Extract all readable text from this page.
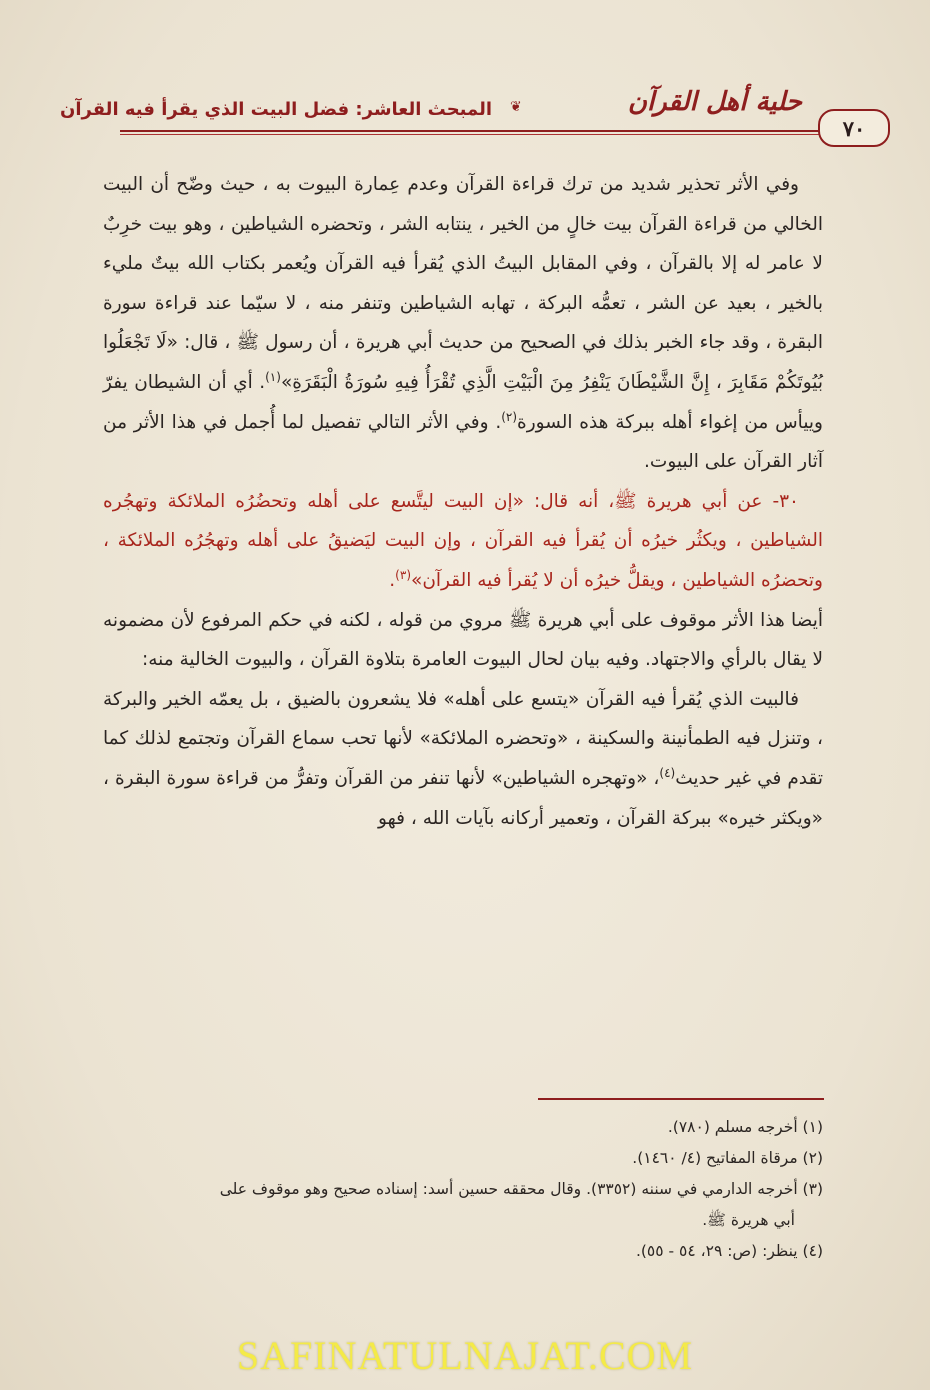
٧٠
حلية أهل القرآن
❦
المبحث العاشر: فضل البيت الذي يقرأ فيه القرآن

وفي الأثر تحذير شديد من ترك قراءة القرآن وعدم عِمارة البيوت به ، حيث وضّح أن البيت الخالي من قراءة القرآن بيت خالٍ من الخير ، ينتابه الشر ، وتحضره الشياطين ، وهو بيت خرِبٌ لا عامر له إلا بالقرآن ، وفي المقابل البيتُ الذي يُقرأ فيه القرآن ويُعمر بكتاب الله بيتٌ مليء بالخير ، بعيد عن الشر ، تعمُّه البركة ، تهابه الشياطين وتنفر منه ، لا سيّما عند قراءة سورة البقرة ، وقد جاء الخبر بذلك في الصحيح من حديث أبي هريرة ، أن رسول ﷺ ، قال: «لَا تَجْعَلُوا بُيُوتَكُمْ مَقَابِرَ ، إِنَّ الشَّيْطَانَ يَنْفِرُ مِنَ الْبَيْتِ الَّذِي تُقْرَأُ فِيهِ سُورَةُ الْبَقَرَةِ»$^{(١)}$. أي أن الشيطان يفرّ وييأس من إغواء أهله ببركة هذه السورة$^{(٢)}$. وفي الأثر التالي تفصيل لما أُجمل في هذا الأثر من آثار القرآن على البيوت.

٣٠- عن أبي هريرة ﷺ، أنه قال: «إن البيت ليتَّسع على أهله وتحضُرُه الملائكة وتهجُره الشياطين ، ويكثُر خيرُه أن يُقرأ فيه القرآن ، وإن البيت ليَضيقُ على أهله وتهجُرُه الملائكة ، وتحضرُه الشياطين ، ويقلُّ خيرُه أن لا يُقرأ فيه القرآن»$^{(٣)}$.

أيضا هذا الأثر موقوف على أبي هريرة ﷺ مروي من قوله ، لكنه في حكم المرفوع لأن مضمونه لا يقال بالرأي والاجتهاد. وفيه بيان لحال البيوت العامرة بتلاوة القرآن ، والبيوت الخالية منه:

فالبيت الذي يُقرأ فيه القرآن «يتسع على أهله» فلا يشعرون بالضيق ، بل يعمّه الخير والبركة ، وتنزل فيه الطمأنينة والسكينة ، «وتحضره الملائكة» لأنها تحب سماع القرآن وتجتمع لذلك كما تقدم في غير حديث$^{(٤)}$، «وتهجره الشياطين» لأنها تنفر من القرآن وتفرُّ من قراءة سورة البقرة ، «ويكثر خيره» ببركة القرآن ، وتعمير أركانه بآيات الله ، فهو

(١) أخرجه مسلم (٧٨٠).
(٢) مرقاة المفاتيح (٤/ ١٤٦٠).
(٣) أخرجه الدارمي في سننه (٣٣٥٢). وقال محققه حسين أسد: إسناده صحيح وهو موقوف على
أبي هريرة ﷺ.
(٤) ينظر: (ص: ٢٩، ٥٤ - ٥٥).
SAFINATULNAJAT.COM
